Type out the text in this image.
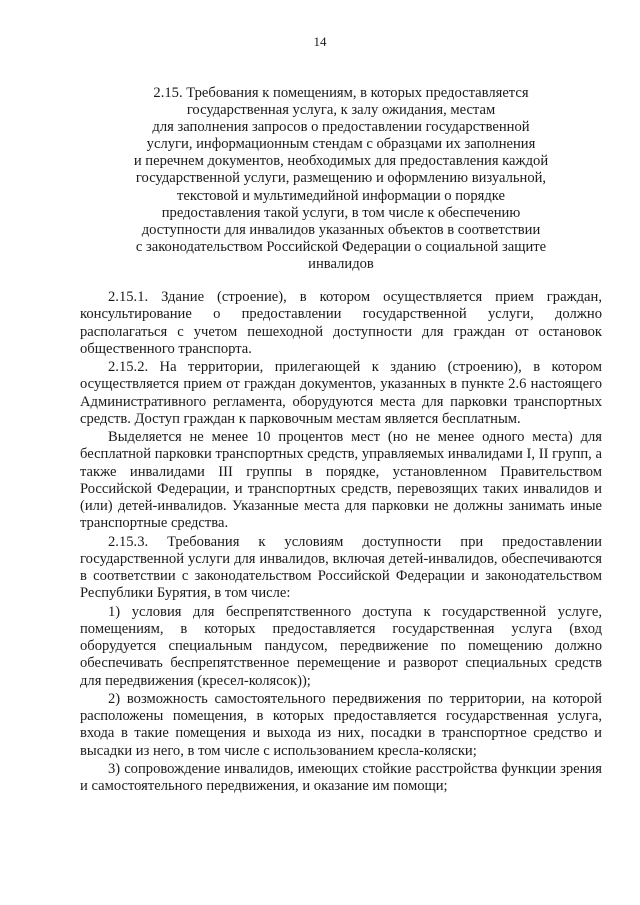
14
2.15. Требования к помещениям, в которых предоставляется
государственная услуга, к залу ожидания, местам
для заполнения запросов о предоставлении государственной
услуги, информационным стендам с образцами их заполнения
и перечнем документов, необходимых для предоставления каждой
государственной услуги, размещению и оформлению визуальной,
текстовой и мультимедийной информации о порядке
предоставления такой услуги, в том числе к обеспечению
доступности для инвалидов указанных объектов в соответствии
с законодательством Российской Федерации о социальной защите
инвалидов

2.15.1. Здание (строение), в котором осуществляется прием граждан, консультирование о предоставлении государственной услуги, должно располагаться с учетом пешеходной доступности для граждан от остановок общественного транспорта.

2.15.2. На территории, прилегающей к зданию (строению), в котором осуществляется прием от граждан документов, указанных в пункте 2.6 настоящего Административного регламента, оборудуются места для парковки транспортных средств. Доступ граждан к парковочным местам является бесплатным.

Выделяется не менее 10 процентов мест (но не менее одного места) для бесплатной парковки транспортных средств, управляемых инвалидами I, II групп, а также инвалидами III группы в порядке, установленном Правительством Российской Федерации, и транспортных средств, перевозящих таких инвалидов и (или) детей-инвалидов. Указанные места для парковки не должны занимать иные транспортные средства.

2.15.3. Требования к условиям доступности при предоставлении государственной услуги для инвалидов, включая детей-инвалидов, обеспечиваются в соответствии с законодательством Российской Федерации и законодательством Республики Бурятия, в том числе:

1) условия для беспрепятственного доступа к государственной услуге, помещениям, в которых предоставляется государственная услуга (вход оборудуется специальным пандусом, передвижение по помещению должно обеспечивать беспрепятственное перемещение и разворот специальных средств для передвижения (кресел-колясок));

2) возможность самостоятельного передвижения по территории, на которой расположены помещения, в которых предоставляется государственная услуга, входа в такие помещения и выхода из них, посадки в транспортное средство и высадки из него, в том числе с использованием кресла-коляски;

3) сопровождение инвалидов, имеющих стойкие расстройства функции зрения и самостоятельного передвижения, и оказание им помощи;
